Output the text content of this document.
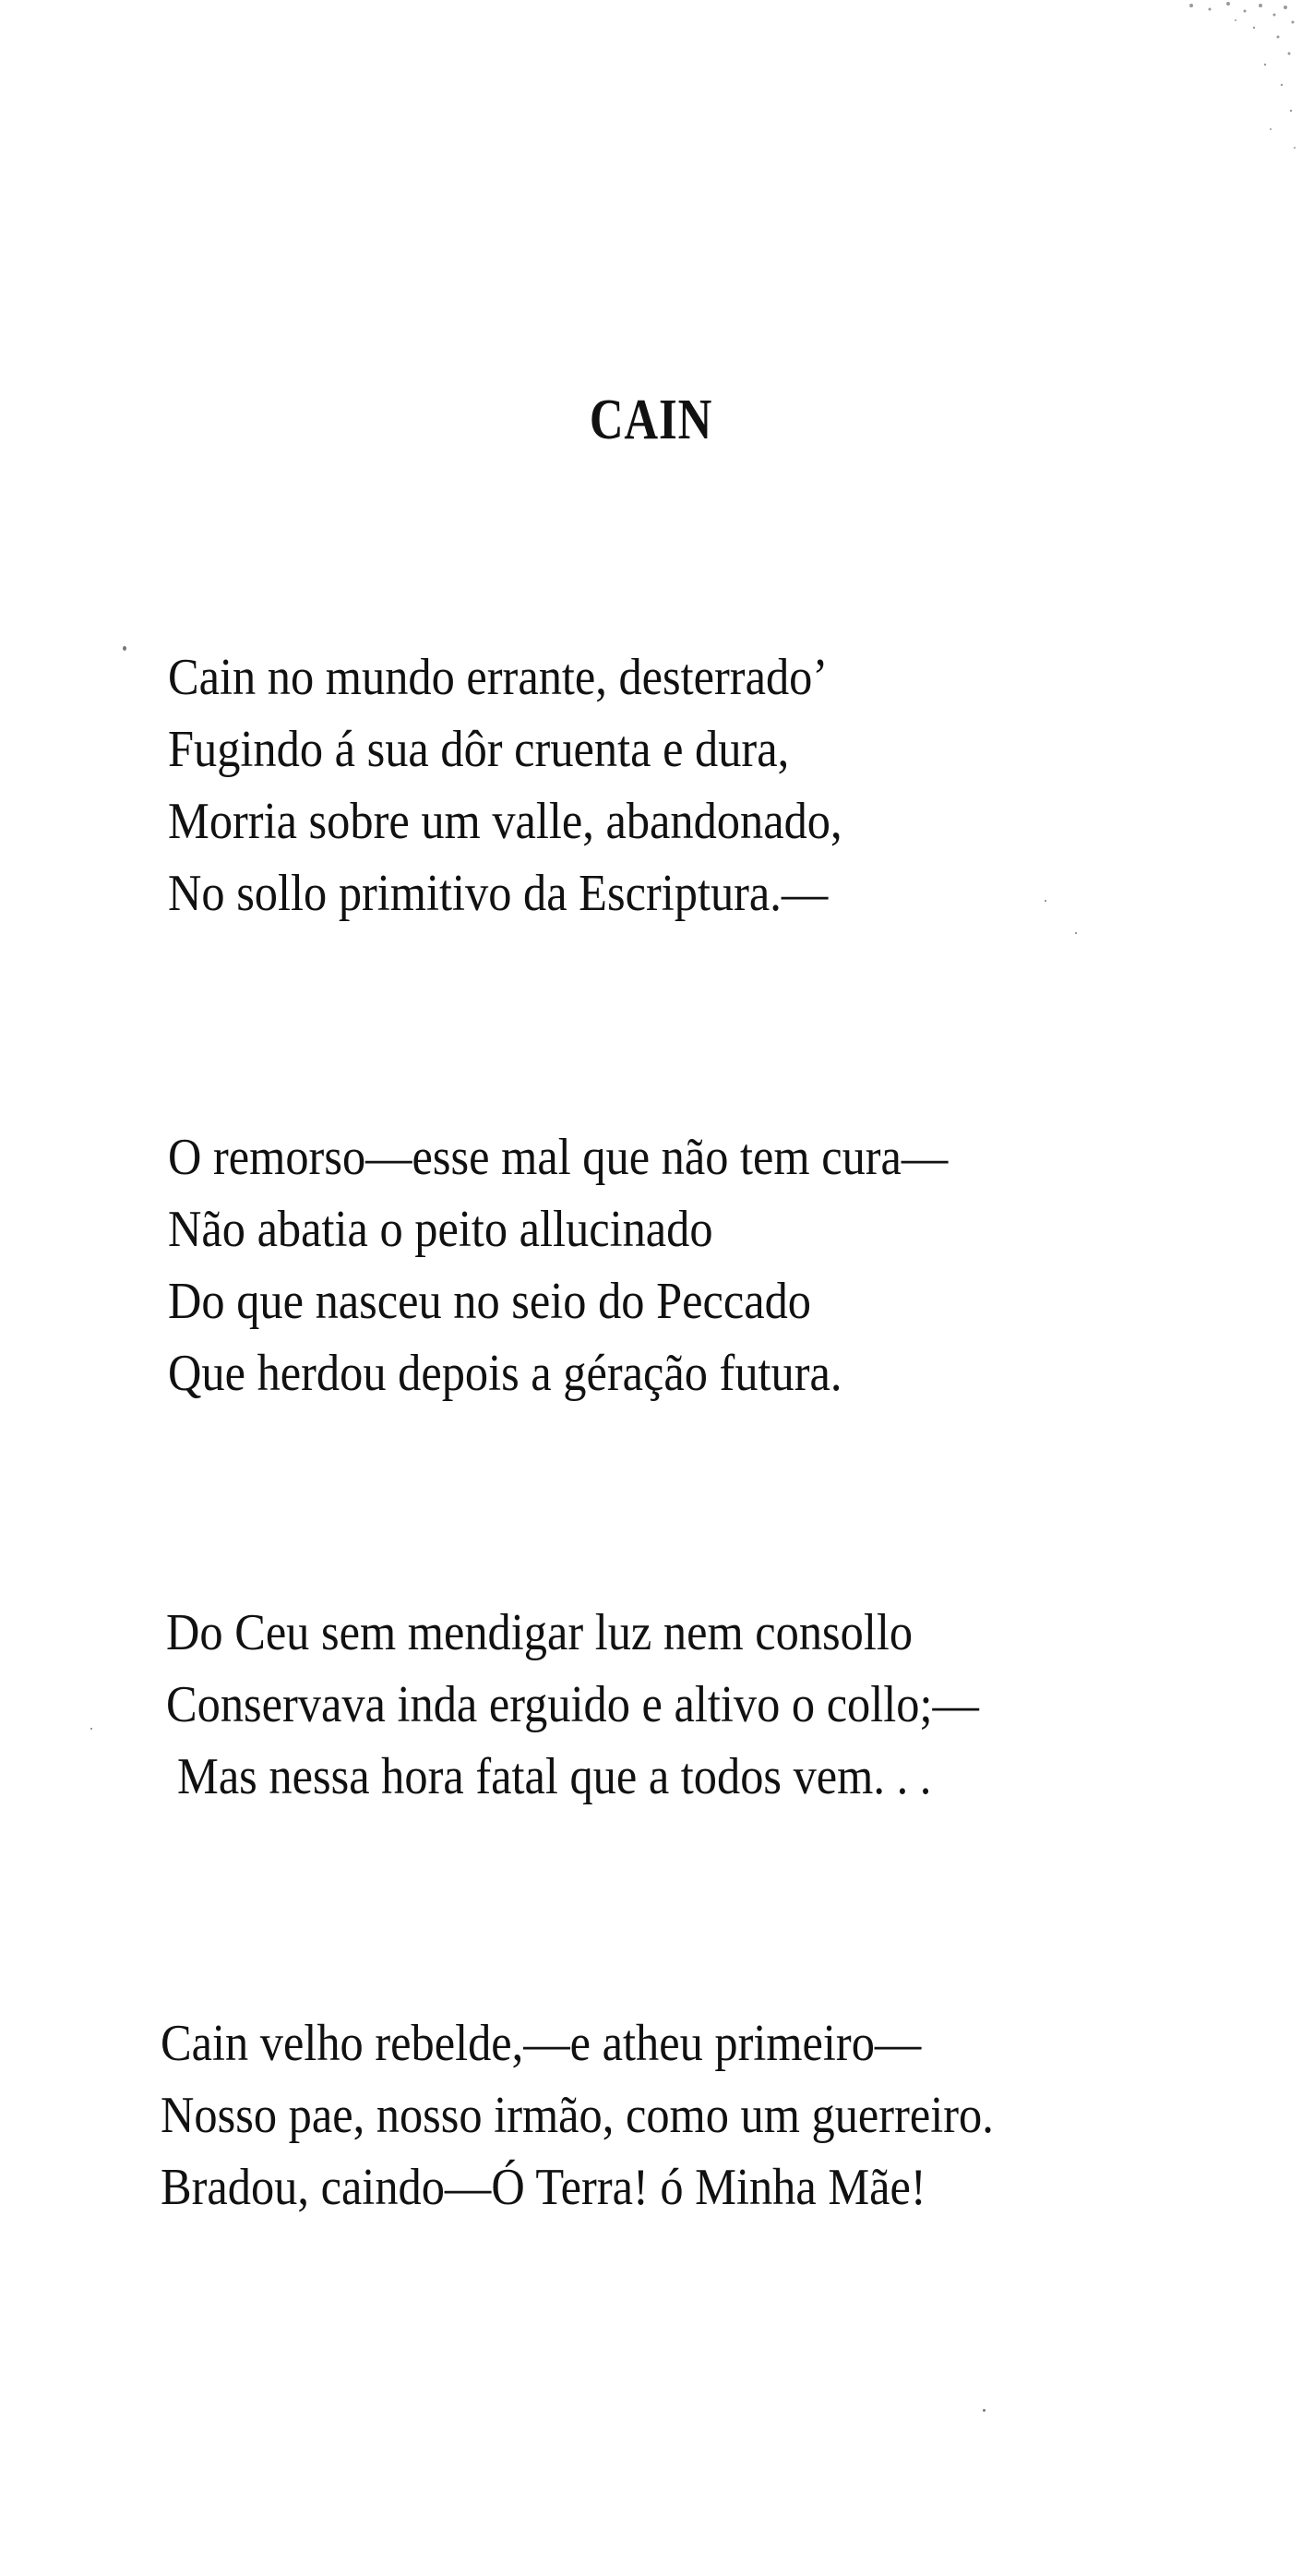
CAIN
Cain no mundo errante, desterrado’
Fugindo á sua dôr cruenta e dura,
Morria sobre um valle, abandonado,
No sollo primitivo da Escriptura.—
O remorso—esse mal que não tem cura—
Não abatia o peito allucinado
Do que nasceu no seio do Peccado
Que herdou depois a géração futura.
Do Ceu sem mendigar luz nem consollo
Conservava inda erguido e altivo o collo;—
Mas nessa hora fatal que a todos vem. . .
Cain velho rebelde,—e atheu primeiro—
Nosso pae, nosso irmão, como um guerreiro.
Bradou, caindo—Ó Terra! ó Minha Mãe!
